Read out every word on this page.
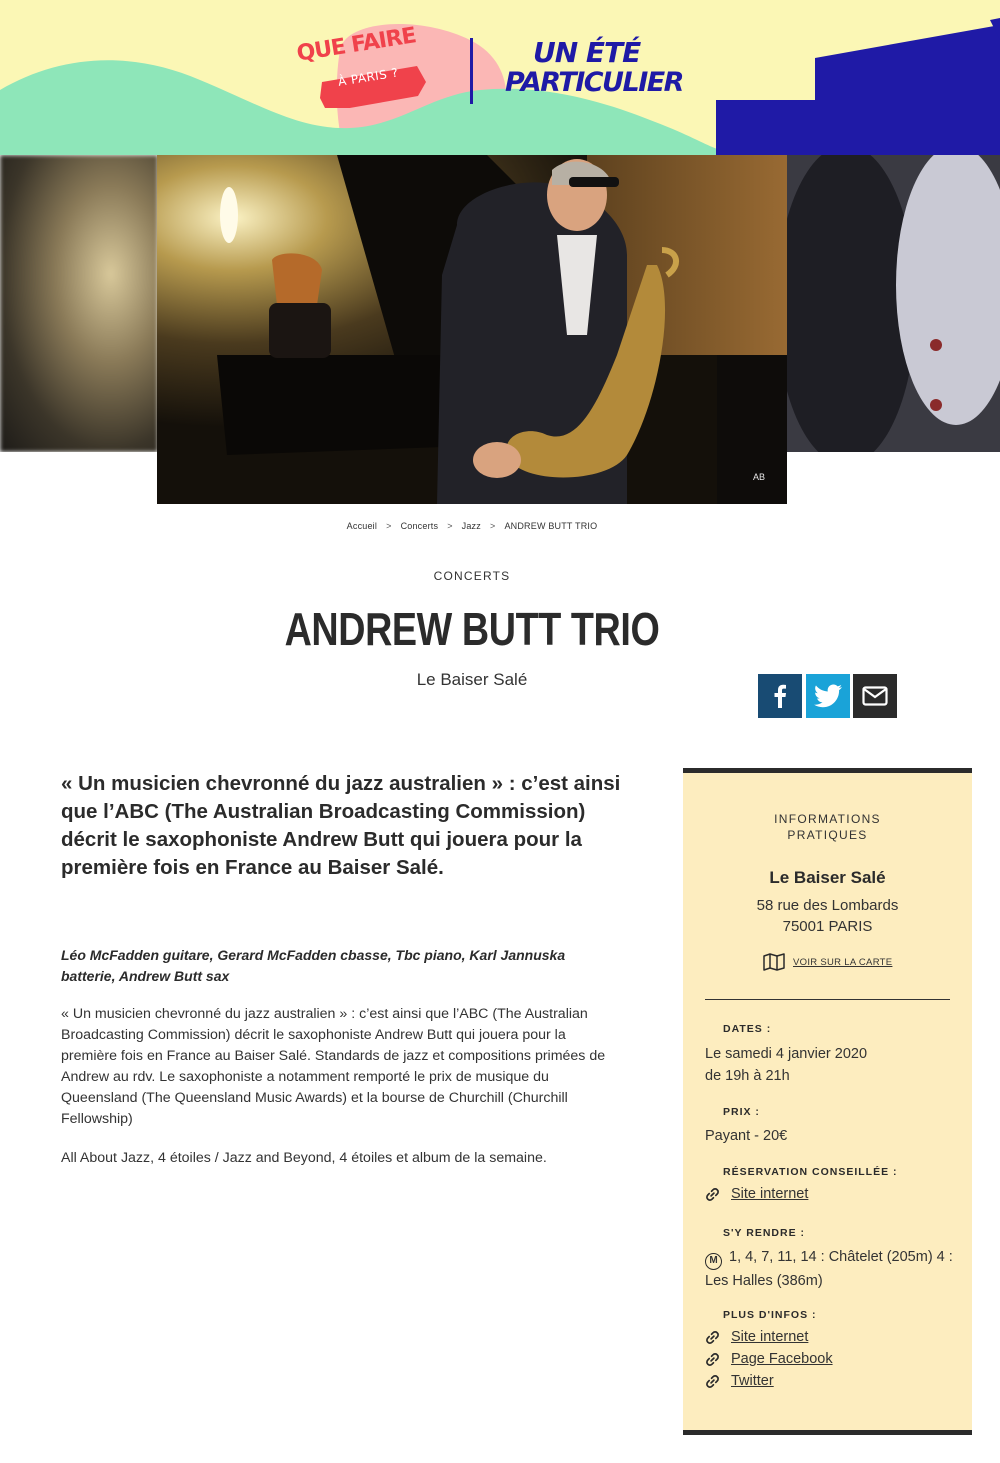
QUE FAIRE
À PARIS ?
UN ÉTÉ
PARTICULIER
AB
Accueil > Concerts > Jazz > ANDREW BUTT TRIO
CONCERTS
ANDREW BUTT TRIO
Le Baiser Salé

« Un musicien chevronné du jazz australien » : c’est ainsi que l’ABC (The Australian Broadcasting Commission) décrit le saxophoniste Andrew Butt qui jouera pour la première fois en France au Baiser Salé.

Léo McFadden guitare, Gerard McFadden cbasse, Tbc piano, Karl Jannuska batterie, Andrew Butt sax

« Un musicien chevronné du jazz australien » : c’est ainsi que l’ABC (The Australian Broadcasting Commission) décrit le saxophoniste Andrew Butt qui jouera pour la première fois en France au Baiser Salé. Standards de jazz et compositions primées de Andrew au rdv. Le saxophoniste a notamment remporté le prix de musique du Queensland (The Queensland Music Awards) et la bourse de Churchill (Churchill Fellowship)

All About Jazz, 4 étoiles / Jazz and Beyond, 4 étoiles et album de la semaine.

INFORMATIONS
PRATIQUES
Le Baiser Salé
58 rue des Lombards
75001 PARIS
VOIR SUR LA CARTE
DATES :
Le samedi 4 janvier 2020
de 19h à 21h
PRIX :
Payant - 20€
RÉSERVATION CONSEILLÉE :
Site internet
S'Y RENDRE :
M 1, 4, 7, 11, 14 : Châtelet (205m) 4 :
Les Halles (386m)
PLUS D'INFOS :
Site internet
Page Facebook
Twitter
